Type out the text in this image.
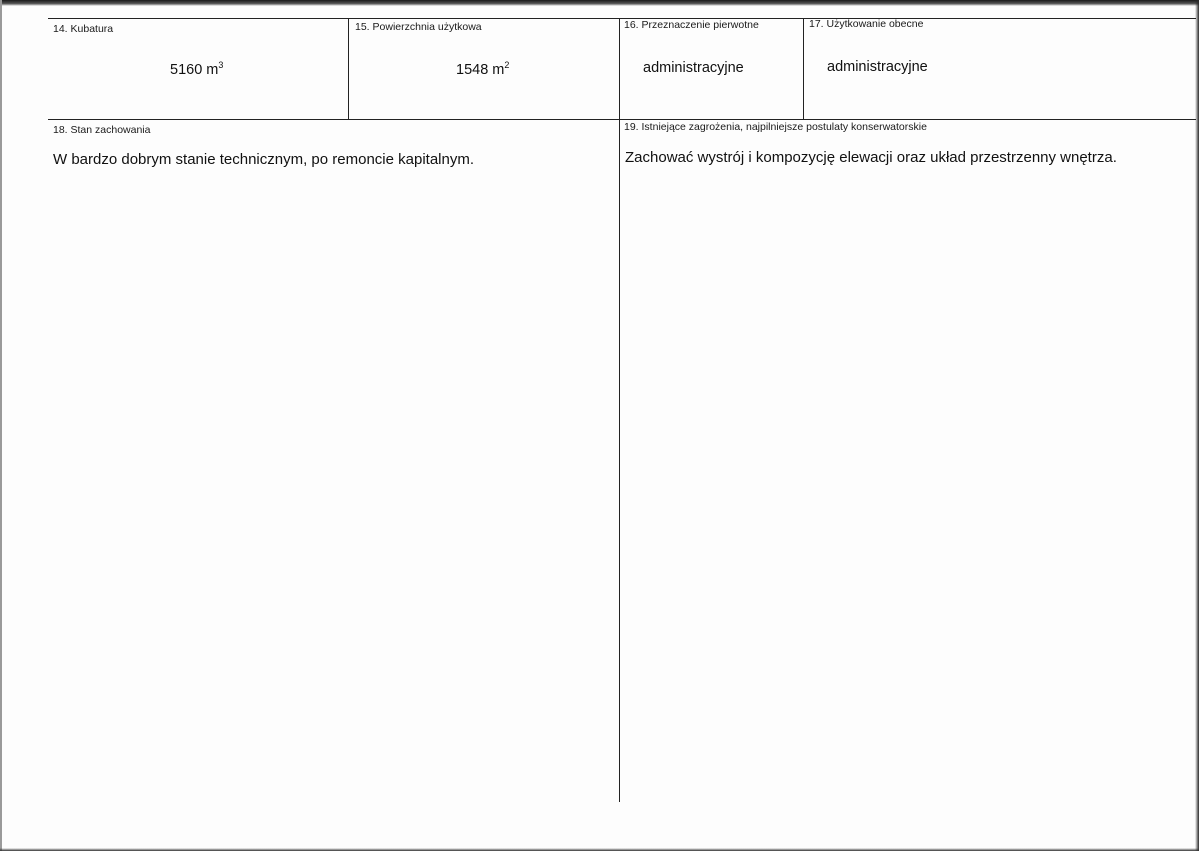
14. Kubatura
5160 $m^3$
15. Powierzchnia użytkowa
1548 $m^2$
16. Przeznaczenie pierwotne
administracyjne
17. Użytkowanie obecne
administracyjne
18. Stan zachowania
W bardzo dobrym stanie technicznym, po remoncie kapitalnym.
19. Istniejące zagrożenia, najpilniejsze postulaty konserwatorskie
Zachować wystrój i kompozycję elewacji oraz układ przestrzenny wnętrza.
